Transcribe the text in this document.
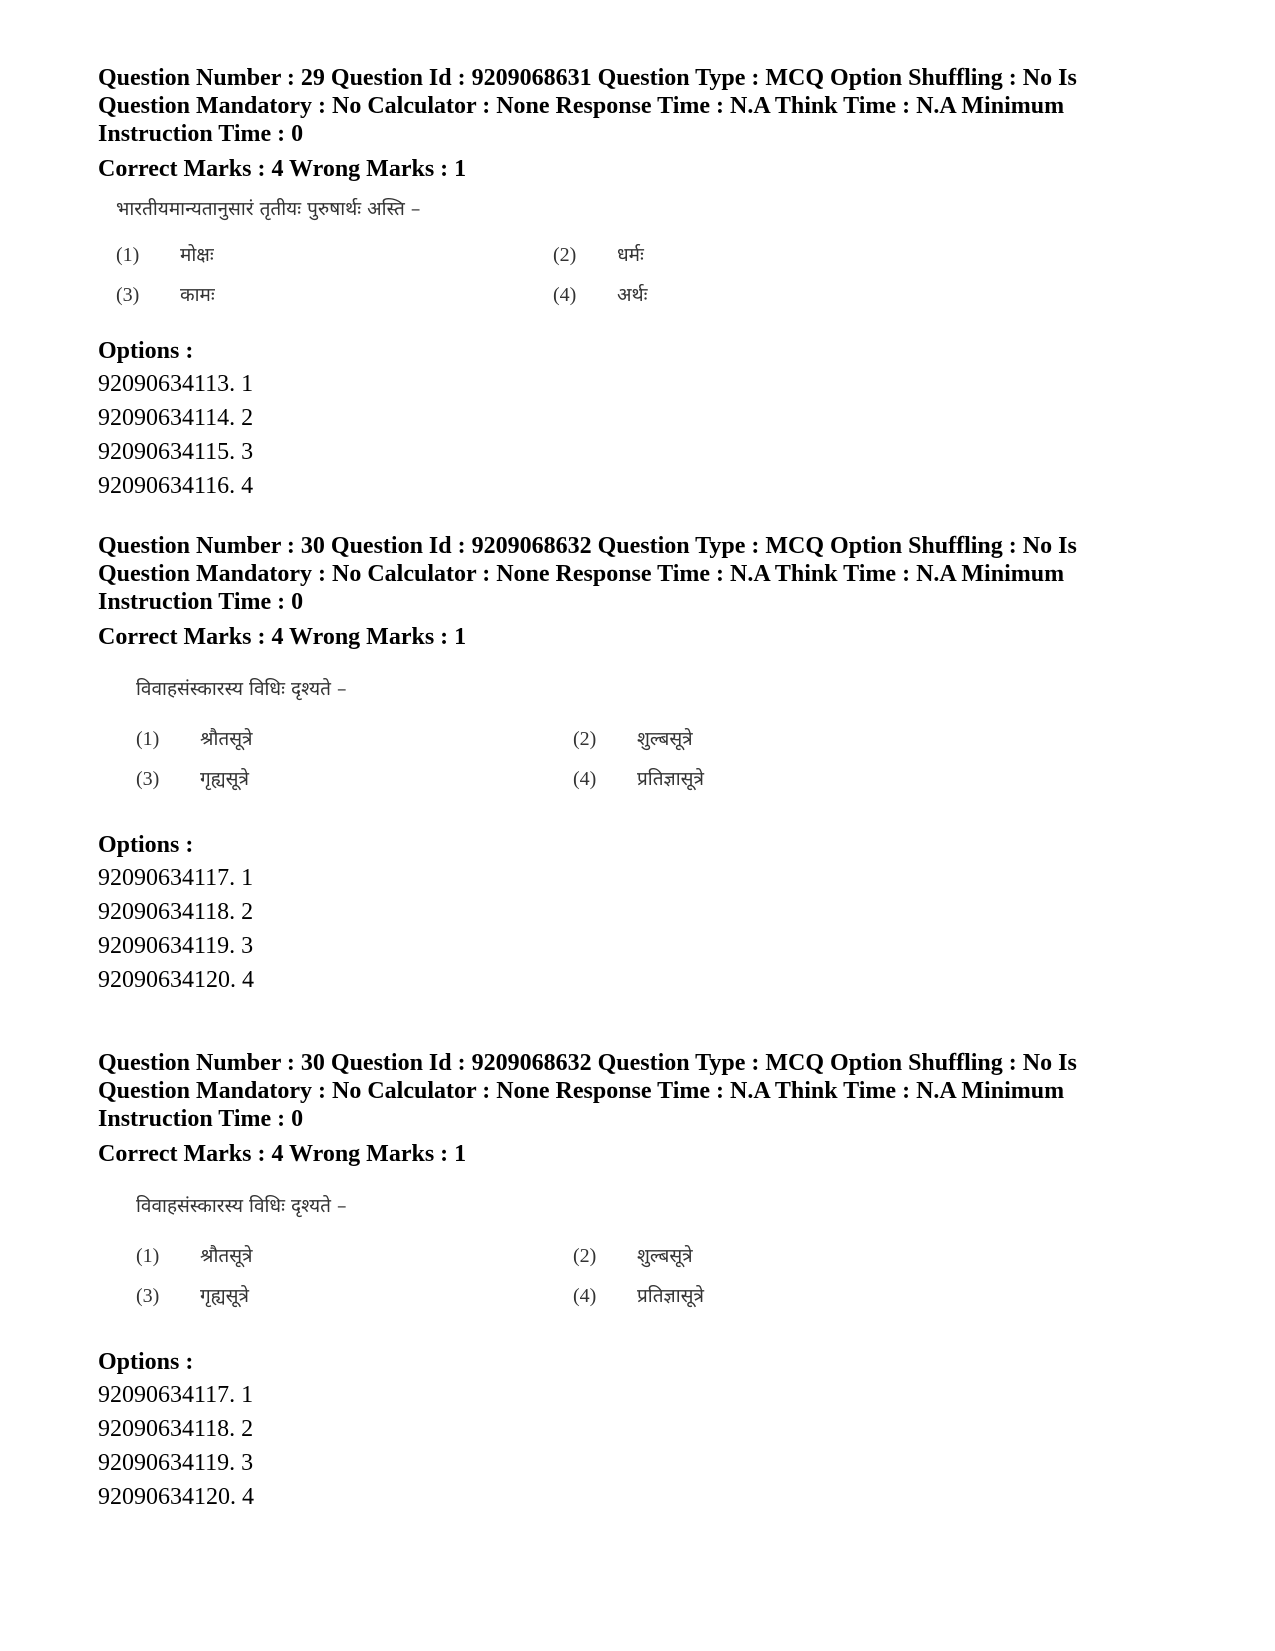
Question Number : 29 Question Id : 9209068631 Question Type : MCQ Option Shuffling : No Is Question Mandatory : No Calculator : None Response Time : N.A Think Time : N.A Minimum Instruction Time : 0

Correct Marks : 4 Wrong Marks : 1
भारतीयमान्यतानुसारं तृतीयः पुरुषार्थः अस्ति –
(1) मोक्षः	(2) धर्मः
(3) कामः	(4) अर्थः

Options :

92090634113. 1

92090634114. 2

92090634115. 3

92090634116. 4

Question Number : 30 Question Id : 9209068632 Question Type : MCQ Option Shuffling : No Is Question Mandatory : No Calculator : None Response Time : N.A Think Time : N.A Minimum Instruction Time : 0

Correct Marks : 4 Wrong Marks : 1
विवाहसंस्कारस्य विधिः दृश्यते –
(1) श्रौतसूत्रे	(2) शुल्बसूत्रे
(3) गृह्यसूत्रे	(4) प्रतिज्ञासूत्रे

Options :

92090634117. 1

92090634118. 2

92090634119. 3

92090634120. 4

Question Number : 30 Question Id : 9209068632 Question Type : MCQ Option Shuffling : No Is Question Mandatory : No Calculator : None Response Time : N.A Think Time : N.A Minimum Instruction Time : 0

Correct Marks : 4 Wrong Marks : 1
विवाहसंस्कारस्य विधिः दृश्यते –
(1) श्रौतसूत्रे	(2) शुल्बसूत्रे
(3) गृह्यसूत्रे	(4) प्रतिज्ञासूत्रे

Options :

92090634117. 1

92090634118. 2

92090634119. 3

92090634120. 4
